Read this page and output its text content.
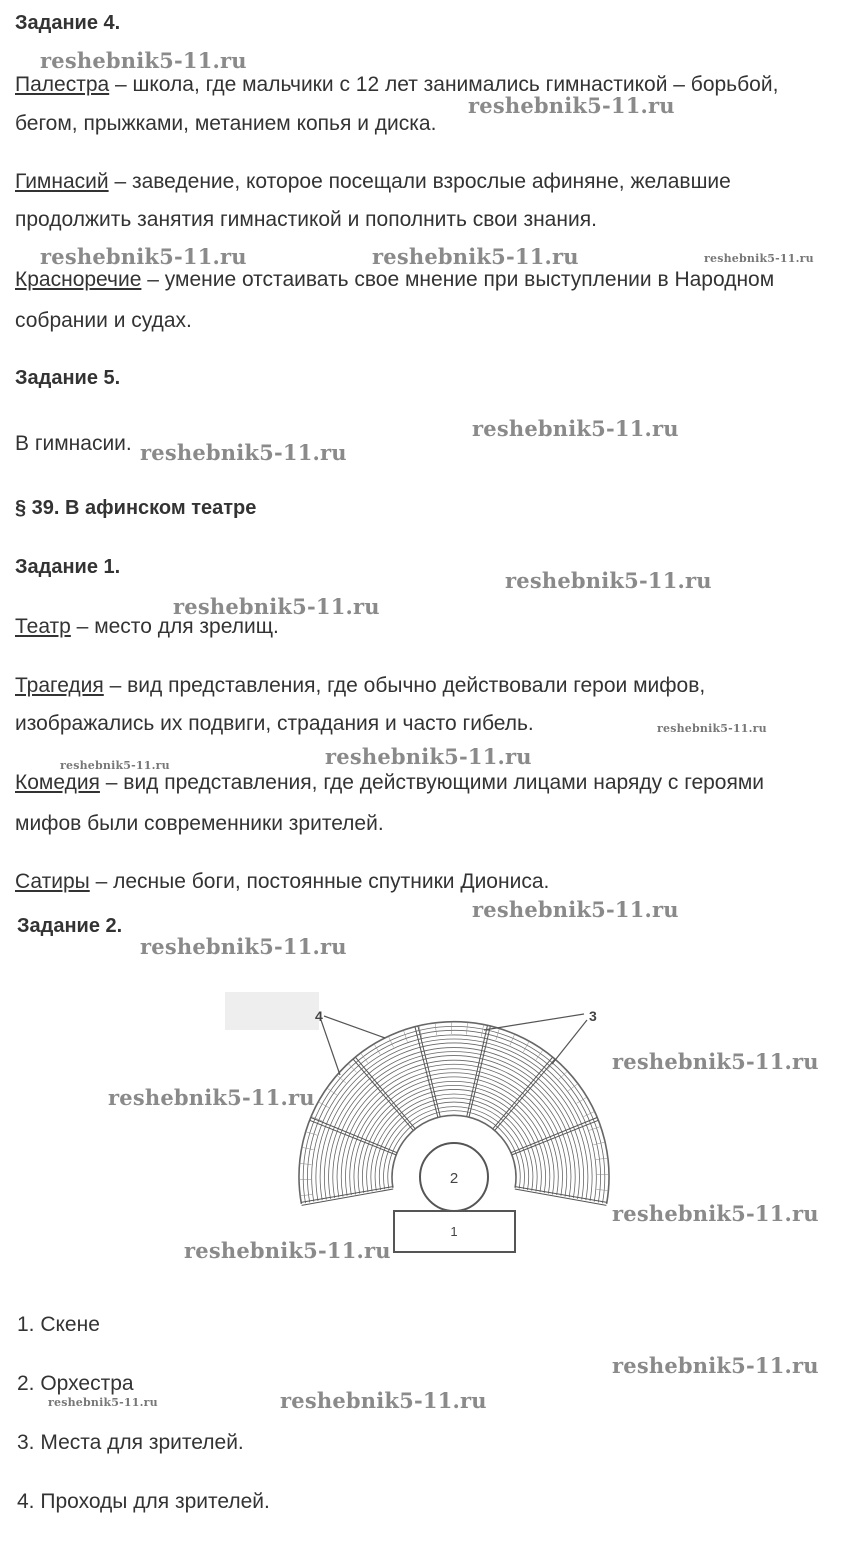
Задание 4.
Палестра – школа, где мальчики с 12 лет занимались гимнастикой – борьбой,
бегом, прыжками, метанием копья и диска.
Гимнасий – заведение, которое посещали взрослые афиняне, желавшие
продолжить занятия гимнастикой и пополнить свои знания.
Красноречие – умение отстаивать свое мнение при выступлении в Народном
собрании и судах.
Задание 5.
В гимнасии.
§ 39. В афинском театре
Задание 1.
Театр – место для зрелищ.
Трагедия – вид представления, где обычно действовали герои мифов,
изображались их подвиги, страдания и часто гибель.
Комедия – вид представления, где действующими лицами наряду с героями
мифов были современники зрителей.
Сатиры – лесные боги, постоянные спутники Диониса.
Задание 2.
2
1
4	3
1. Скене
2. Орхестра
3. Места для зрителей.
4. Проходы для зрителей.
reshebnik5-11.ru
reshebnik5-11.ru
reshebnik5-11.ru	reshebnik5-11.ru	reshebnik5-11.ru
reshebnik5-11.ru
reshebnik5-11.ru
reshebnik5-11.ru
reshebnik5-11.ru
reshebnik5-11.ru
reshebnik5-11.ru
reshebnik5-11.ru
reshebnik5-11.ru
reshebnik5-11.ru
reshebnik5-11.ru
reshebnik5-11.ru
reshebnik5-11.ru
reshebnik5-11.ru
reshebnik5-11.ru
reshebnik5-11.ru
reshebnik5-11.ru
